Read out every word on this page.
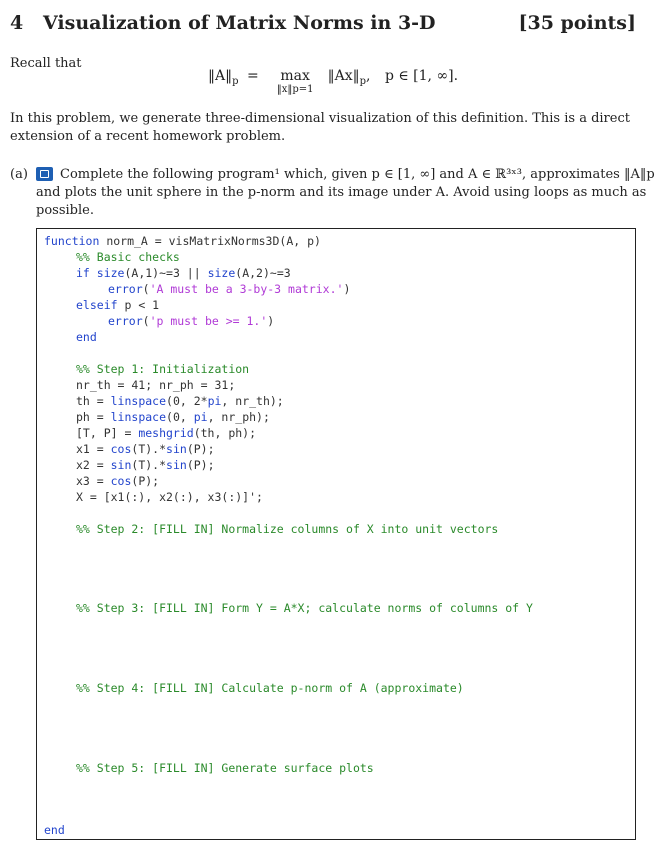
4 Visualization of Matrix Norms in 3-D	[35 points]
Recall that
$‖A‖_p = \max$
‖x‖p=1
$‖Ax‖_p$, p ∈ [1, ∞].
In this problem, we generate three-dimensional visualization of this definition. This is a direct
extension of a recent homework problem.
(a) Complete the following program¹ which, given p ∈ [1, ∞] and A ∈ ℝ³ˣ³, approximates ‖A‖p
and plots the unit sphere in the p-norm and its image under A. Avoid using loops as much as
possible.
function norm_A = visMatrixNorms3D(A, p)
%% Basic checks
if size(A,1)~=3 || size(A,2)~=3
error('A must be a 3-by-3 matrix.')
elseif p < 1
error('p must be >= 1.')
end
%% Step 1: Initialization
nr_th = 41; nr_ph = 31;
th = linspace(0, 2*pi, nr_th);
ph = linspace(0, pi, nr_ph);
[T, P] = meshgrid(th, ph);
x1 = cos(T).*sin(P);
x2 = sin(T).*sin(P);
x3 = cos(P);
X = [x1(:), x2(:), x3(:)]';
%% Step 2: [FILL IN] Normalize columns of X into unit vectors
%% Step 3: [FILL IN] Form Y = A*X; calculate norms of columns of Y
%% Step 4: [FILL IN] Calculate p-norm of A (approximate)
%% Step 5: [FILL IN] Generate surface plots
end
